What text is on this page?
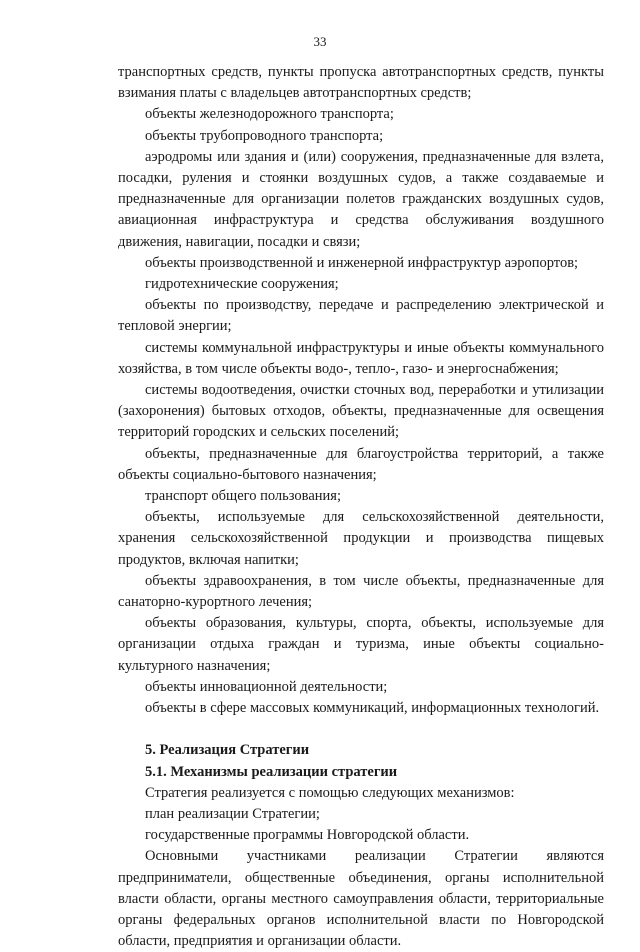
33

транспортных средств, пункты пропуска автотранспортных средств, пункты взимания платы с владельцев автотранспортных средств;

объекты железнодорожного транспорта;

объекты трубопроводного транспорта;

аэродромы или здания и (или) сооружения, предназначенные для взлета, посадки, руления и стоянки воздушных судов, а также создаваемые и предназначенные для организации полетов гражданских воздушных судов, авиационная инфраструктура и средства обслуживания воздушного движения, навигации, посадки и связи;

объекты производственной и инженерной инфраструктур аэропортов;

гидротехнические сооружения;

объекты по производству, передаче и распределению электрической и тепловой энергии;

системы коммунальной инфраструктуры и иные объекты коммунального хозяйства, в том числе объекты водо-, тепло-, газо- и энергоснабжения;

системы водоотведения, очистки сточных вод, переработки и утилизации (захоронения) бытовых отходов, объекты, предназначенные для освещения территорий городских и сельских поселений;

объекты, предназначенные для благоустройства территорий, а также объекты социально-бытового назначения;

транспорт общего пользования;

объекты, используемые для сельскохозяйственной деятельности, хранения сельскохозяйственной продукции и производства пищевых продуктов, включая напитки;

объекты здравоохранения, в том числе объекты, предназначенные для санаторно-курортного лечения;

объекты образования, культуры, спорта, объекты, используемые для организации отдыха граждан и туризма, иные объекты социально-культурного назначения;

объекты инновационной деятельности;

объекты в сфере массовых коммуникаций, информационных технологий.

5. Реализация Стратегии

5.1. Механизмы реализации стратегии

Стратегия реализуется с помощью следующих механизмов:

план реализации Стратегии;

государственные программы Новгородской области.

Основными участниками реализации Стратегии являются предприниматели, общественные объединения, органы исполнительной власти области, органы местного самоуправления области, территориальные органы федеральных органов исполнительной власти по Новгородской области, предприятия и организации области.
